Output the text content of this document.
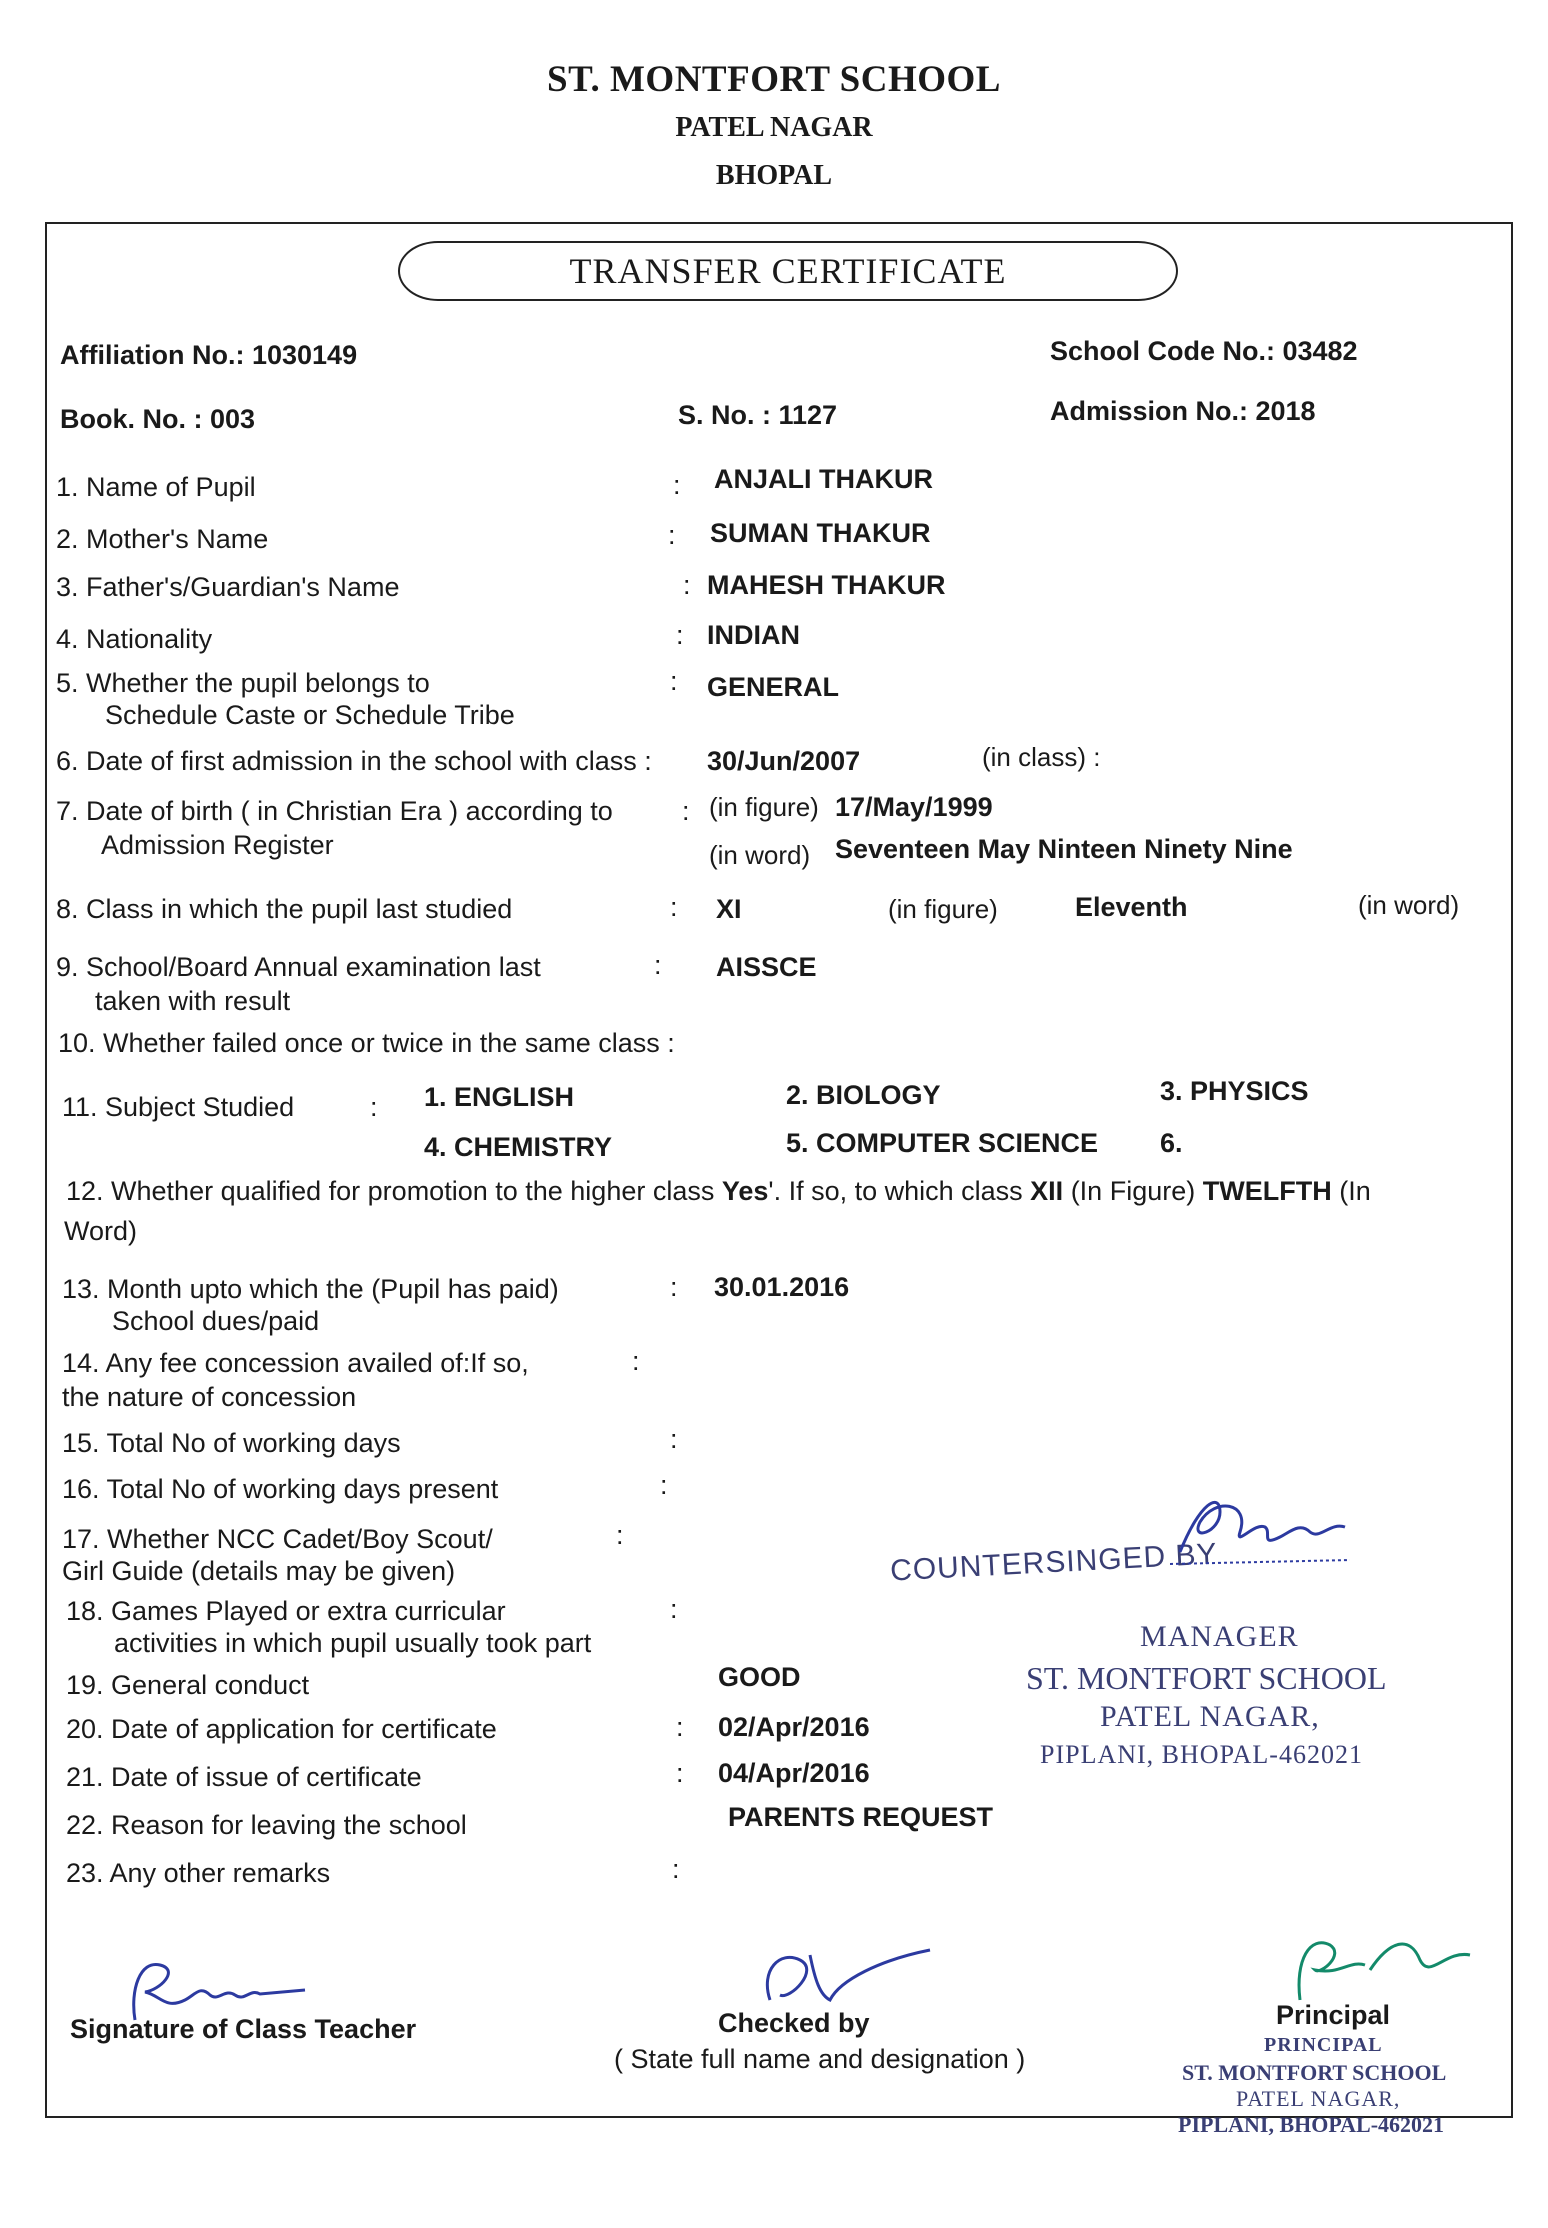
ST. MONTFORT SCHOOL
PATEL NAGAR
BHOPAL
TRANSFER CERTIFICATE
Affiliation No.: 1030149	School Code No.: 03482
Book. No. : 003	S. No. : 1127	Admission No.: 2018
1. Name of Pupil	: ANJALI THAKUR
2. Mother's Name	: SUMAN THAKUR
3. Father's/Guardian's Name	: MAHESH THAKUR
4. Nationality	: INDIAN
5. Whether the pupil belongs to
Schedule Caste or Schedule Tribe
: GENERAL
6. Date of first admission in the school with class : 30/Jun/2007	(in class) :
7. Date of birth ( in Christian Era ) according to
Admission Register
: (in figure) 17/May/1999
(in word) Seventeen May Ninteen Ninety Nine
8. Class in which the pupil last studied	: XI	(in figure)	Eleventh	(in word)
9. School/Board Annual examination last
taken with result
: AISSCE
10. Whether failed once or twice in the same class :
11. Subject Studied	: 1. ENGLISH	2. BIOLOGY	3. PHYSICS
4. CHEMISTRY	5. COMPUTER SCIENCE 6.
12. Whether qualified for promotion to the higher class Yes'. If so, to which class XII (In Figure) TWELFTH (In
Word)
13. Month upto which the (Pupil has paid)
School dues/paid
: 30.01.2016
14. Any fee concession availed of:If so,
the nature of concession
:
15. Total No of working days	:
16. Total No of working days present	:
17. Whether NCC Cadet/Boy Scout/
Girl Guide (details may be given)
:
18. Games Played or extra curricular
activities in which pupil usually took part
:
19. General conduct	GOOD
20. Date of application for certificate	: 02/Apr/2016
21. Date of issue of certificate	: 04/Apr/2016
22. Reason for leaving the school	PARENTS REQUEST
23. Any other remarks	:
COUNTERSINGED BY
MANAGER
ST. MONTFORT SCHOOL
PATEL NAGAR,
PIPLANI, BHOPAL-462021
Signature of Class Teacher	Checked by
( State full name and designation )
Principal
PRINCIPAL
ST. MONTFORT SCHOOL
PATEL NAGAR,
PIPLANI, BHOPAL-462021
